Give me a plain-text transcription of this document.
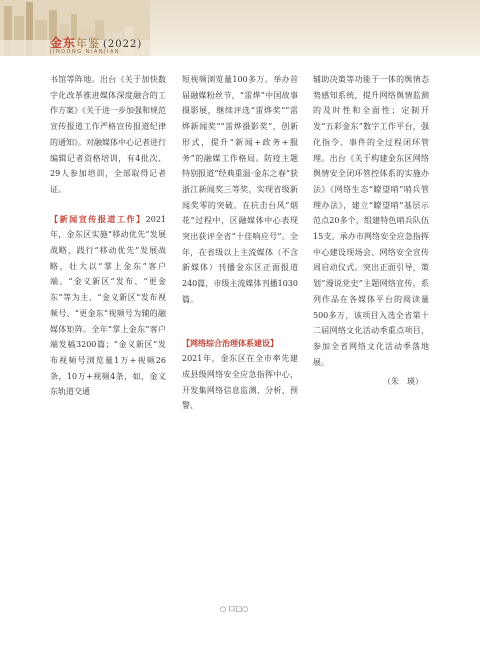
金东年鉴 (2022)
JINDONG NIANJIAN

书馆等阵地。出台《关于加快数字化改革推进媒体深度融合的工作方案》《关于进一步加强和规范宣传报道工作严格宣传报道纪律的通知》。对融媒体中心记者进行编辑记者资格培训，有4批次、29人参加培训，全部取得记者证。

【新闻宣传报道工作】2021年，金东区实施“移动优先”发展战略，践行“移动优先”发展战略，壮大以“掌上金东”客户端、“金义新区”发布、“更金东”等为主，“金义新区”发布视频号、“更金东”视频号为辅的融媒体矩阵。全年“掌上金东”客户端发稿3200篇；“金义新区”发布视频号浏览量1万+视频26条，10万+视频4条，如，金义东轨道交通

短视频浏览量100多万。举办首届融媒粉丝节，“雷烨”中国故事摄影展，继续评选“雷烨奖”“雷烨新闻奖”“雷烨摄影奖”，创新形式，提升“新闻+政务+服务”的融媒工作格局。防疫主题特别报道“经典重温·金东之春”获浙江新闻奖三等奖，实现省级新闻奖零的突破。在抗击台风“烟花”过程中，区融媒体中心表现突出获评全省“十佳响应号”。全年，在省级以上主流媒体（不含新媒体）刊播金东区正面报道240篇，市级主流媒体刊播1030篇。

【网络综合治理体系建设】

2021年，金东区在全市率先建成县级网络安全应急指挥中心，开发集网络信息监测、分析、预警、

辅助决策等功能于一体的舆情态势感知系统，提升网络舆情监测的及时性和全面性；定制开发“五彩金东”数字工作平台，强化指令、事件的全过程闭环管理。出台《关于构建金东区网络舆情安全闭环管控体系的实施办法》《网络生态“瞭望哨”哨兵管理办法》，建立“瞭望哨”基层示范点20多个，组建特色哨兵队伍15支。承办市网络安全应急指挥中心建设现场会、网络安全宣传周启动仪式。突出正面引导，策划“漫说党史”主题网络宣传，系列作品在各媒体平台的阅读量500多万，该项目入选全省第十二届网络文化活动季重点项目，参加全省网络文化活动季落地展。

（朱　瑛）
○ 口□○
